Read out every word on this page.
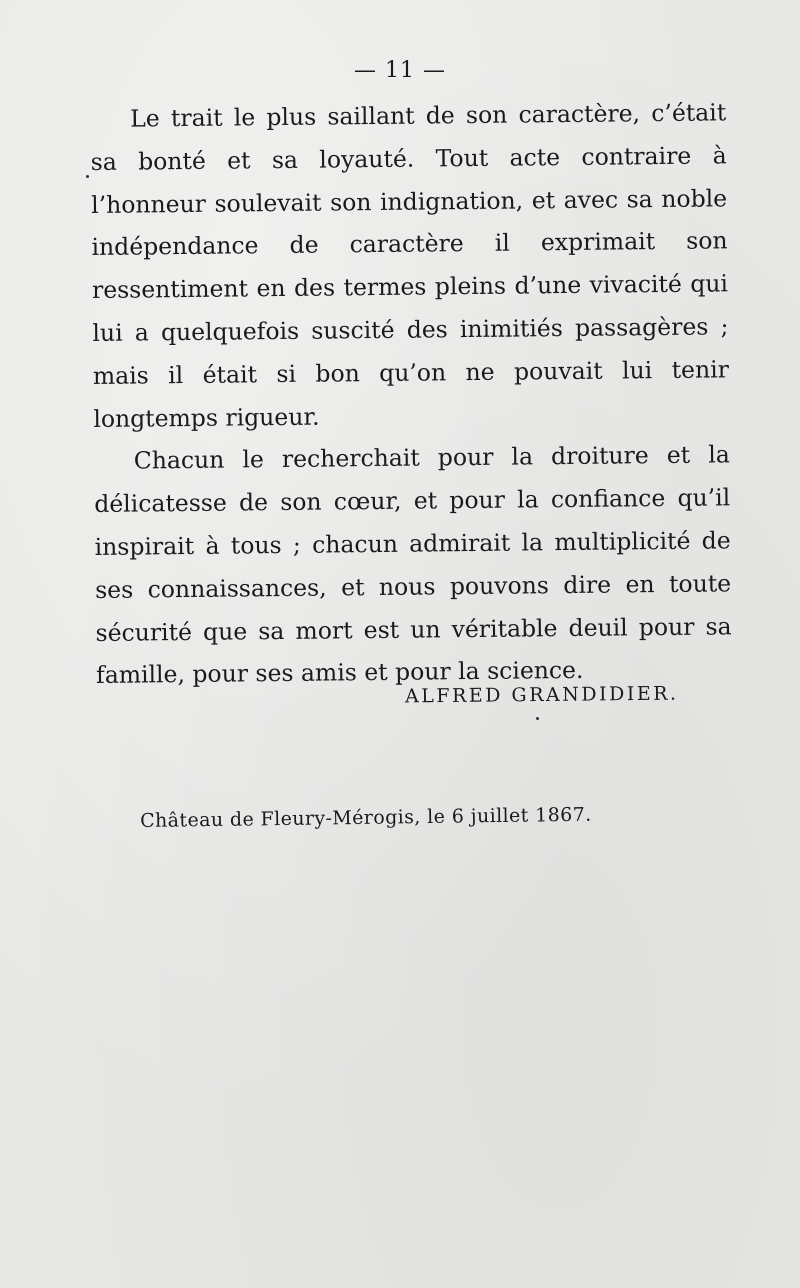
— 11 —

Le trait le plus saillant de son caractère, c’était sa bonté et sa loyauté. Tout acte contraire à l’honneur soulevait son indignation, et avec sa noble indépendance de caractère il exprimait son ressentiment en des termes pleins d’une vivacité qui lui a quelquefois suscité des inimitiés passagères ; mais il était si bon qu’on ne pouvait lui tenir longtemps rigueur.

Chacun le recherchait pour la droiture et la délicatesse de son cœur, et pour la confiance qu’il inspirait à tous ; chacun admirait la multiplicité de ses connaissances, et nous pouvons dire en toute sécurité que sa mort est un véritable deuil pour sa famille, pour ses amis et pour la science.

ALFRED GRANDIDIER.
Château de Fleury-Mérogis, le 6 juillet 1867.
